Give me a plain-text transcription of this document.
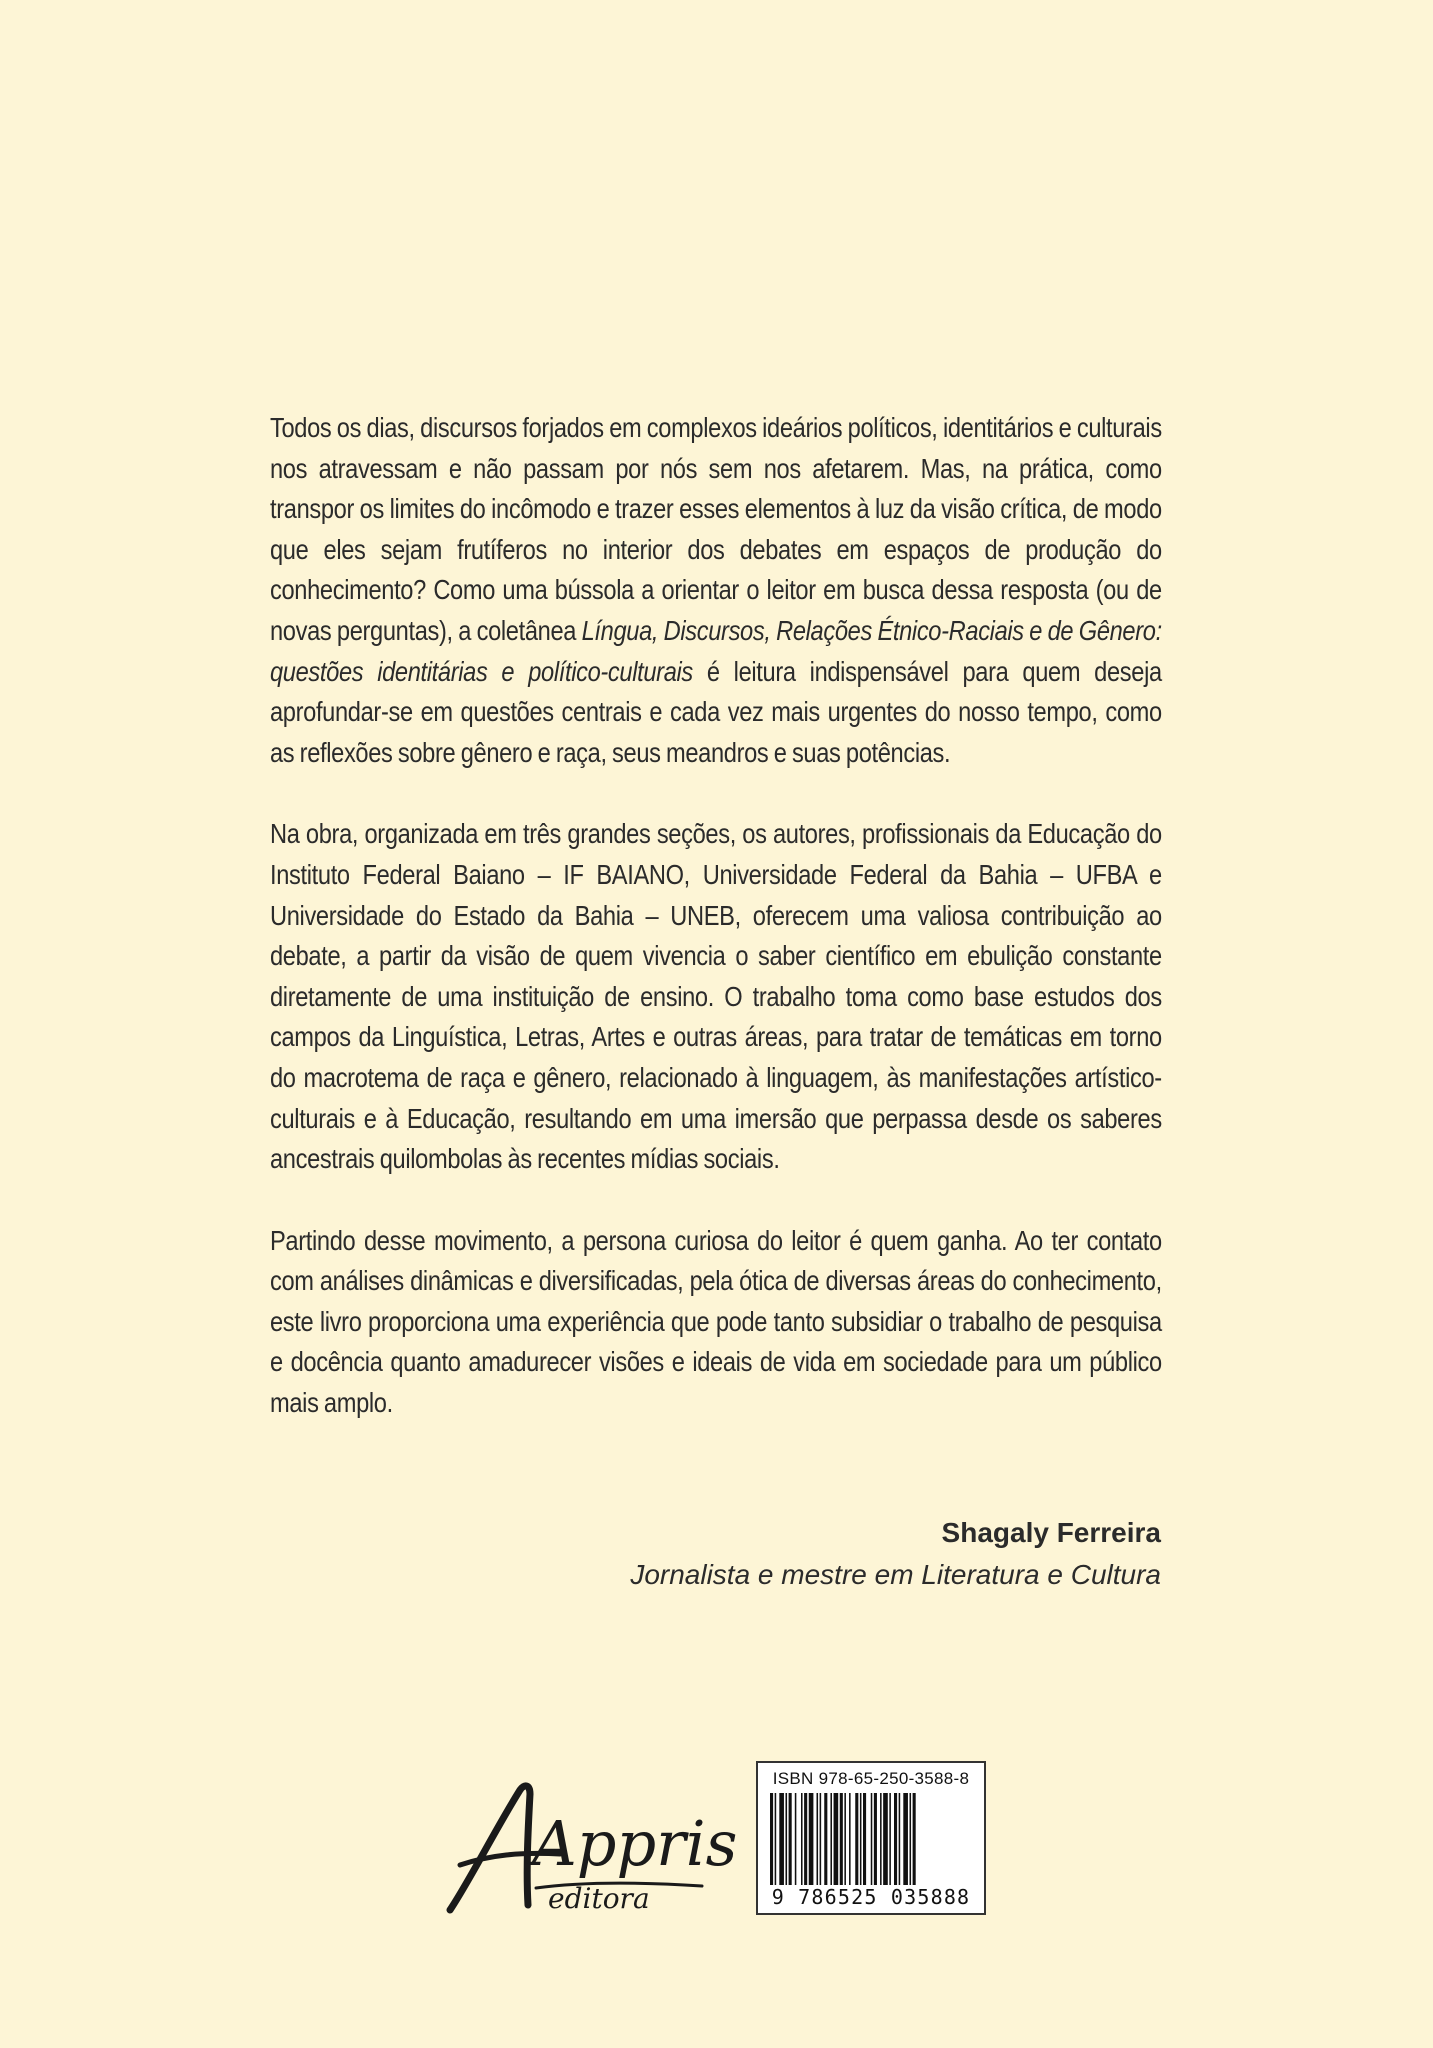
Todos os dias, discursos forjados em complexos ideários políticos, identitários e culturais nos atravessam e não passam por nós sem nos afetarem. Mas, na prática, como transpor os limites do incômodo e trazer esses elementos à luz da visão crítica, de modo que eles sejam frutíferos no interior dos debates em espaços de produção do conhecimento? Como uma bússola a orientar o leitor em busca dessa resposta (ou de novas perguntas), a coletânea Língua, Discursos, Relações Étnico-Raciais e de Gênero: questões identitárias e político-culturais é leitura indispensável para quem deseja aprofundar-se em questões centrais e cada vez mais urgentes do nosso tempo, como as reflexões sobre gênero e raça, seus meandros e suas potências.

Na obra, organizada em três grandes seções, os autores, profissionais da Educação do Instituto Federal Baiano – IF BAIANO, Universidade Federal da Bahia – UFBA e Universidade do Estado da Bahia – UNEB, oferecem uma valiosa contribuição ao debate, a partir da visão de quem vivencia o saber científico em ebulição constante diretamente de uma instituição de ensino. O trabalho toma como base estudos dos campos da Linguística, Letras, Artes e outras áreas, para tratar de temáticas em torno do macrotema de raça e gênero, relacionado à linguagem, às manifestações artístico-culturais e à Educação, resultando em uma imersão que perpassa desde os saberes ancestrais quilombolas às recentes mídias sociais.

Partindo desse movimento, a persona curiosa do leitor é quem ganha. Ao ter contato com análises dinâmicas e diversificadas, pela ótica de diversas áreas do conhecimento, este livro proporciona uma experiência que pode tanto subsidiar o trabalho de pesquisa e docência quanto amadurecer visões e ideais de vida em sociedade para um público mais amplo.

Shagaly Ferreira
Jornalista e mestre em Literatura e Cultura
Appris
editora
ISBN 978-65-250-3588-8
9 786525 035888
